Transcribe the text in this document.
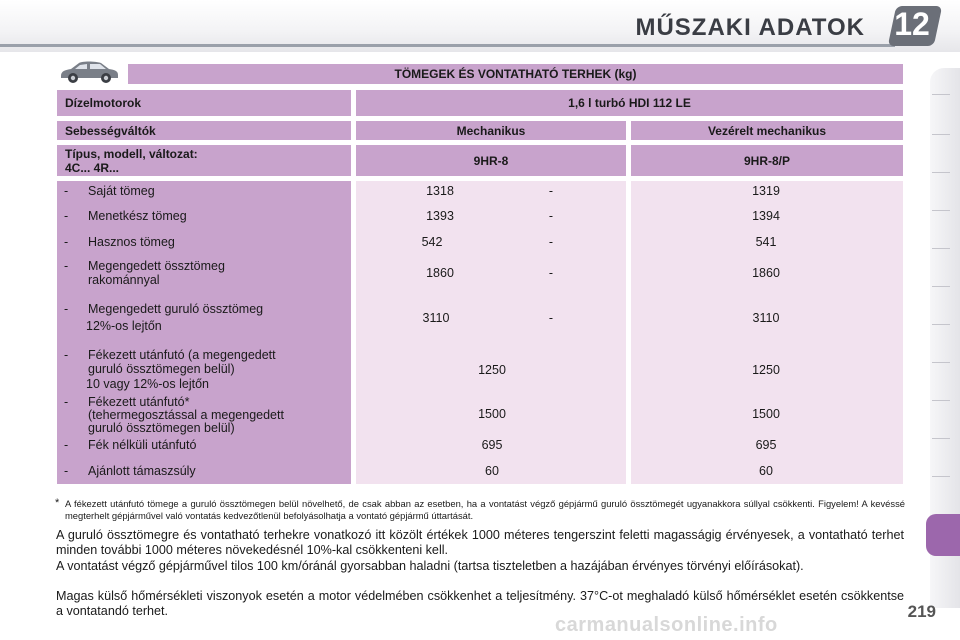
MŰSZAKI ADATOK 12
TÖMEGEK ÉS VONTATHATÓ TERHEK (kg)
Dízelmotorok	1,6 l turbó HDI 112 LE
Sebességváltók	Mechanikus	Vezérelt mechanikus
Típus, modell, változat:
4C... 4R...	9HR-8	9HR-8/P
- Saját tömeg	1318	-	1319
- Menetkész tömeg	1393	-	1394
- Hasznos tömeg	542	-	541
- Megengedett össztömeg
rakománnyal	1860	-	1860
- Megengedett guruló össztömeg
12%-os lejtőn
3110	-	3110
- Fékezett utánfutó (a megengedett
guruló össztömegen belül)
10 vagy 12%-os lejtőn
1250	1250
- Fékezett utánfutó*
(tehermegosztással a megengedett
guruló össztömegen belül)
1500	1500
- Fék nélküli utánfutó	695	695
- Ajánlott támaszsúly	60	60
* A fékezett utánfutó tömege a guruló össztömegen belül növelhető, de csak abban az esetben, ha a vontatást végző gépjármű guruló össztömegét ugyanakkora súllyal csökkenti. Figyelem! A kevéssé megterhelt gépjárművel való vontatás kedvezőtlenül befolyásolhatja a vontató gépjármű úttartását.
A guruló össztömegre és vontatható terhekre vonatkozó itt közölt értékek 1000 méteres tengerszint feletti magasságig érvényesek, a vontatható terhet minden további 1000 méteres növekedésnél 10%-kal csökkenteni kell.
A vontatást végző gépjárművel tilos 100 km/óránál gyorsabban haladni (tartsa tiszteletben a hazájában érvényes törvényi előírásokat).
Magas külső hőmérsékleti viszonyok esetén a motor védelmében csökkenhet a teljesítmény. 37°C-ot meghaladó külső hőmérséklet esetén csökkentse a vontatandó terhet.	219
carmanualsonline.info
